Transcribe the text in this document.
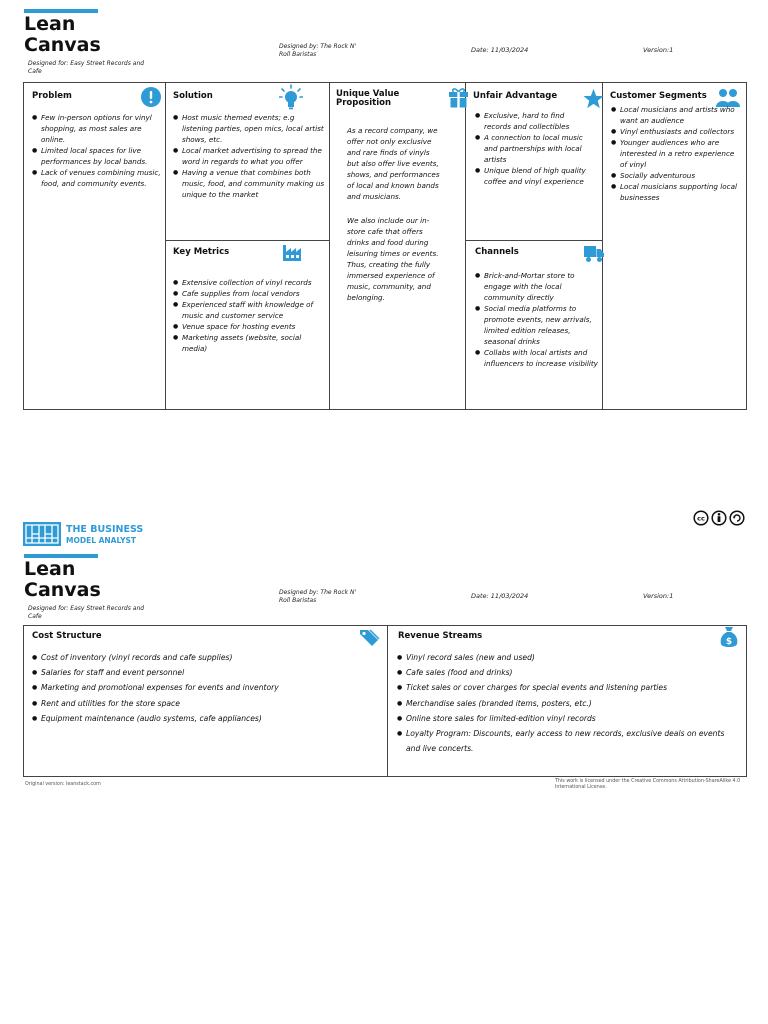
Lean
Canvas
Designed for: Easy Street Records and Cafe
Designed by: The Rock N' Roll Baristas
Date: 11/03/2024	Version:1
Problem
● Few in-person options for vinyl shopping, as most sales are online.
● Limited local spaces for live performances by local bands.
● Lack of venues combining music, food, and community events.
Solution
● Host music themed events; e.g listening parties, open mics, local artist shows, etc.
● Local market advertising to spread the word in regards to what you offer
● Having a venue that combines both music, food, and community making us unique to the market
Key Metrics
● Extensive collection of vinyl records
● Cafe supplies from local vendors
● Experienced staff with knowledge of music and customer service
● Venue space for hosting events
● Marketing assets (website, social media)
Unique Value
Proposition
As a record company, we offer not only exclusive and rare finds of vinyls but also offer live events, shows, and performances of local and known bands and musicians.
We also include our in-store cafe that offers drinks and food during leisuring times or events. Thus, creating the fully immersed experience of music, community, and belonging.
Unfair Advantage
● Exclusive, hard to find records and collectibles
● A connection to local music and partnerships with local artists
● Unique blend of high quality coffee and vinyl experience
Channels
● Brick-and-Mortar store to engage with the local community directly
● Social media platforms to promote events, new arrivals, limited edition releases, seasonal drinks
● Collabs with local artists and influencers to increase visibility
Customer Segments
● Local musicians and artists who want an audience
● Vinyl enthusiasts and collectors
● Younger audiences who are interested in a retro experience of vinyl
● Socially adventurous
● Local musicians supporting local businesses
THE BUSINESS
MODEL ANALYST
cc
Lean
Canvas
Designed for: Easy Street Records and Cafe
Designed by: The Rock N' Roll Baristas
Date: 11/03/2024	Version:1
Cost Structure
● Cost of inventory (vinyl records and cafe supplies)
● Salaries for staff and event personnel
● Marketing and promotional expenses for events and inventory
● Rent and utilities for the store space
● Equipment maintenance (audio systems, cafe appliances)
Revenue Streams
$
● Vinyl record sales (new and used)
● Cafe sales (food and drinks)
● Ticket sales or cover charges for special events and listening parties
● Merchandise sales (branded items, posters, etc.)
● Online store sales for limited-edition vinyl records
● Loyalty Program: Discounts, early access to new records, exclusive deals on events and live concerts.
Original version: leanstack.com
This work is licensed under the Creative Commons Attribution-ShareAlike 4.0 International License.
